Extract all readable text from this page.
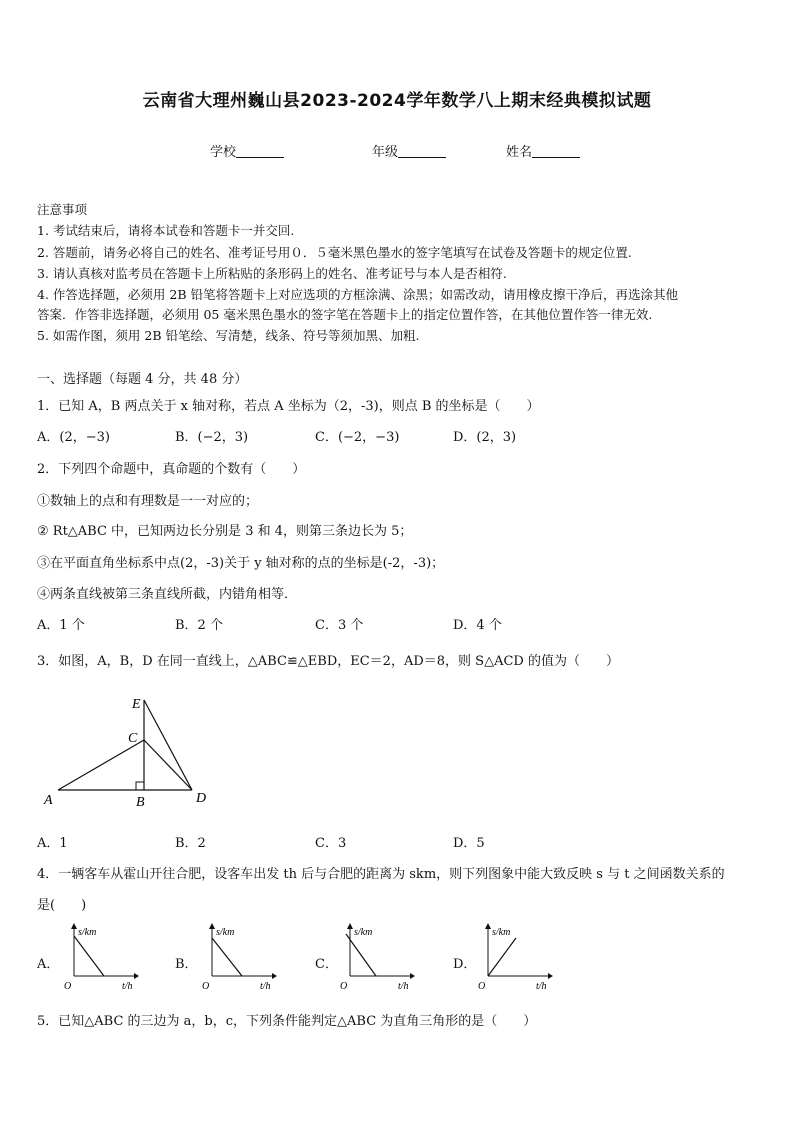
云南省大理州巍山县2023-2024学年数学八上期末经典模拟试题
学校	年级	姓名
注意事项
1. 考试结束后，请将本试卷和答题卡一并交回.
2. 答题前，请务必将自己的姓名、准考证号用０．５毫米黑色墨水的签字笔填写在试卷及答题卡的规定位置.
3. 请认真核对监考员在答题卡上所粘贴的条形码上的姓名、准考证号与本人是否相符.
4. 作答选择题，必须用 2B 铅笔将答题卡上对应选项的方框涂满、涂黑；如需改动，请用橡皮擦干净后，再选涂其他
答案．作答非选择题，必须用 05 毫米黑色墨水的签字笔在答题卡上的指定位置作答，在其他位置作答一律无效.
5. 如需作图，须用 2B 铅笔绘、写清楚，线条、符号等须加黑、加粗.
一、选择题（每题 4 分，共 48 分）
1．已知 A，B 两点关于 x 轴对称，若点 A 坐标为（2，-3)，则点 B 的坐标是（　　）
A．(2，−3)	B．(−2，3)	C．(−2，−3)	D．(2，3)
2．下列四个命题中，真命题的个数有（　　）
①数轴上的点和有理数是一一对应的；
② Rt△ABC 中，已知两边长分别是 3 和 4，则第三条边长为 5；
③在平面直角坐标系中点(2，-3)关于 y 轴对称的点的坐标是(-2，-3)；
④两条直线被第三条直线所截，内错角相等．
A．1 个	B．2 个	C．3 个	D．4 个
3．如图，A，B，D 在同一直线上，△ABC≌△EBD，EC＝2，AD＝8，则 S△ACD 的值为（　　）
E
C
A	B	D
A．1	B．2	C．3	D．5
4．一辆客车从霍山开往合肥，设客车出发 th 后与合肥的距离为 skm，则下列图象中能大致反映 s 与 t 之间函数关系的
是(　　)
A．	B．	C．	D．
s/km
O	t/h
s/km
O	t/h
s/km
O	t/h
s/km
O	t/h
5．已知△ABC 的三边为 a，b，c，下列条件能判定△ABC 为直角三角形的是（　　）
